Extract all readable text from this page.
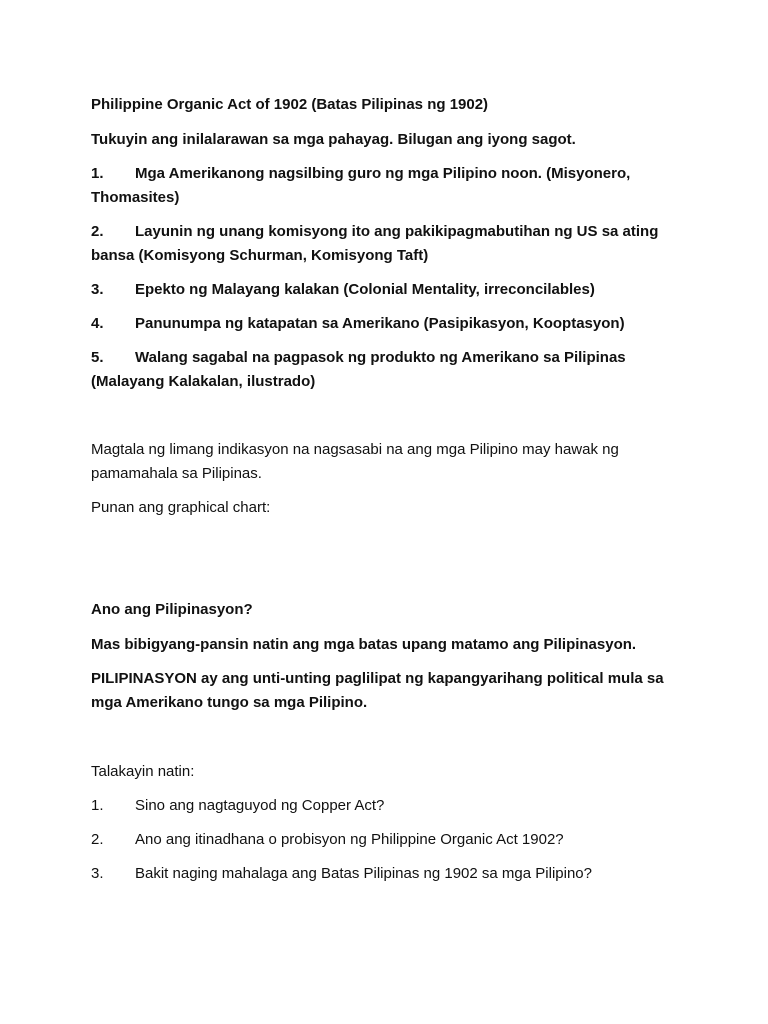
Philippine Organic Act of 1902 (Batas Pilipinas ng 1902)
Tukuyin ang inilalarawan sa mga pahayag. Bilugan ang iyong sagot.
1. Mga Amerikanong nagsilbing guro ng mga Pilipino noon. (Misyonero,
Thomasites)
2. Layunin ng unang komisyong ito ang pakikipagmabutihan ng US sa ating
bansa (Komisyong Schurman, Komisyong Taft)
3. Epekto ng Malayang kalakan (Colonial Mentality, irreconcilables)
4. Panunumpa ng katapatan sa Amerikano (Pasipikasyon, Kooptasyon)
5. Walang sagabal na pagpasok ng produkto ng Amerikano sa Pilipinas
(Malayang Kalakalan, ilustrado)
Magtala ng limang indikasyon na nagsasabi na ang mga Pilipino may hawak ng
pamamahala sa Pilipinas.
Punan ang graphical chart:
Ano ang Pilipinasyon?
Mas bibigyang-pansin natin ang mga batas upang matamo ang Pilipinasyon.
PILIPINASYON ay ang unti-unting paglilipat ng kapangyarihang political mula sa
mga Amerikano tungo sa mga Pilipino.
Talakayin natin:
1. Sino ang nagtaguyod ng Copper Act?
2. Ano ang itinadhana o probisyon ng Philippine Organic Act 1902?
3. Bakit naging mahalaga ang Batas Pilipinas ng 1902 sa mga Pilipino?
